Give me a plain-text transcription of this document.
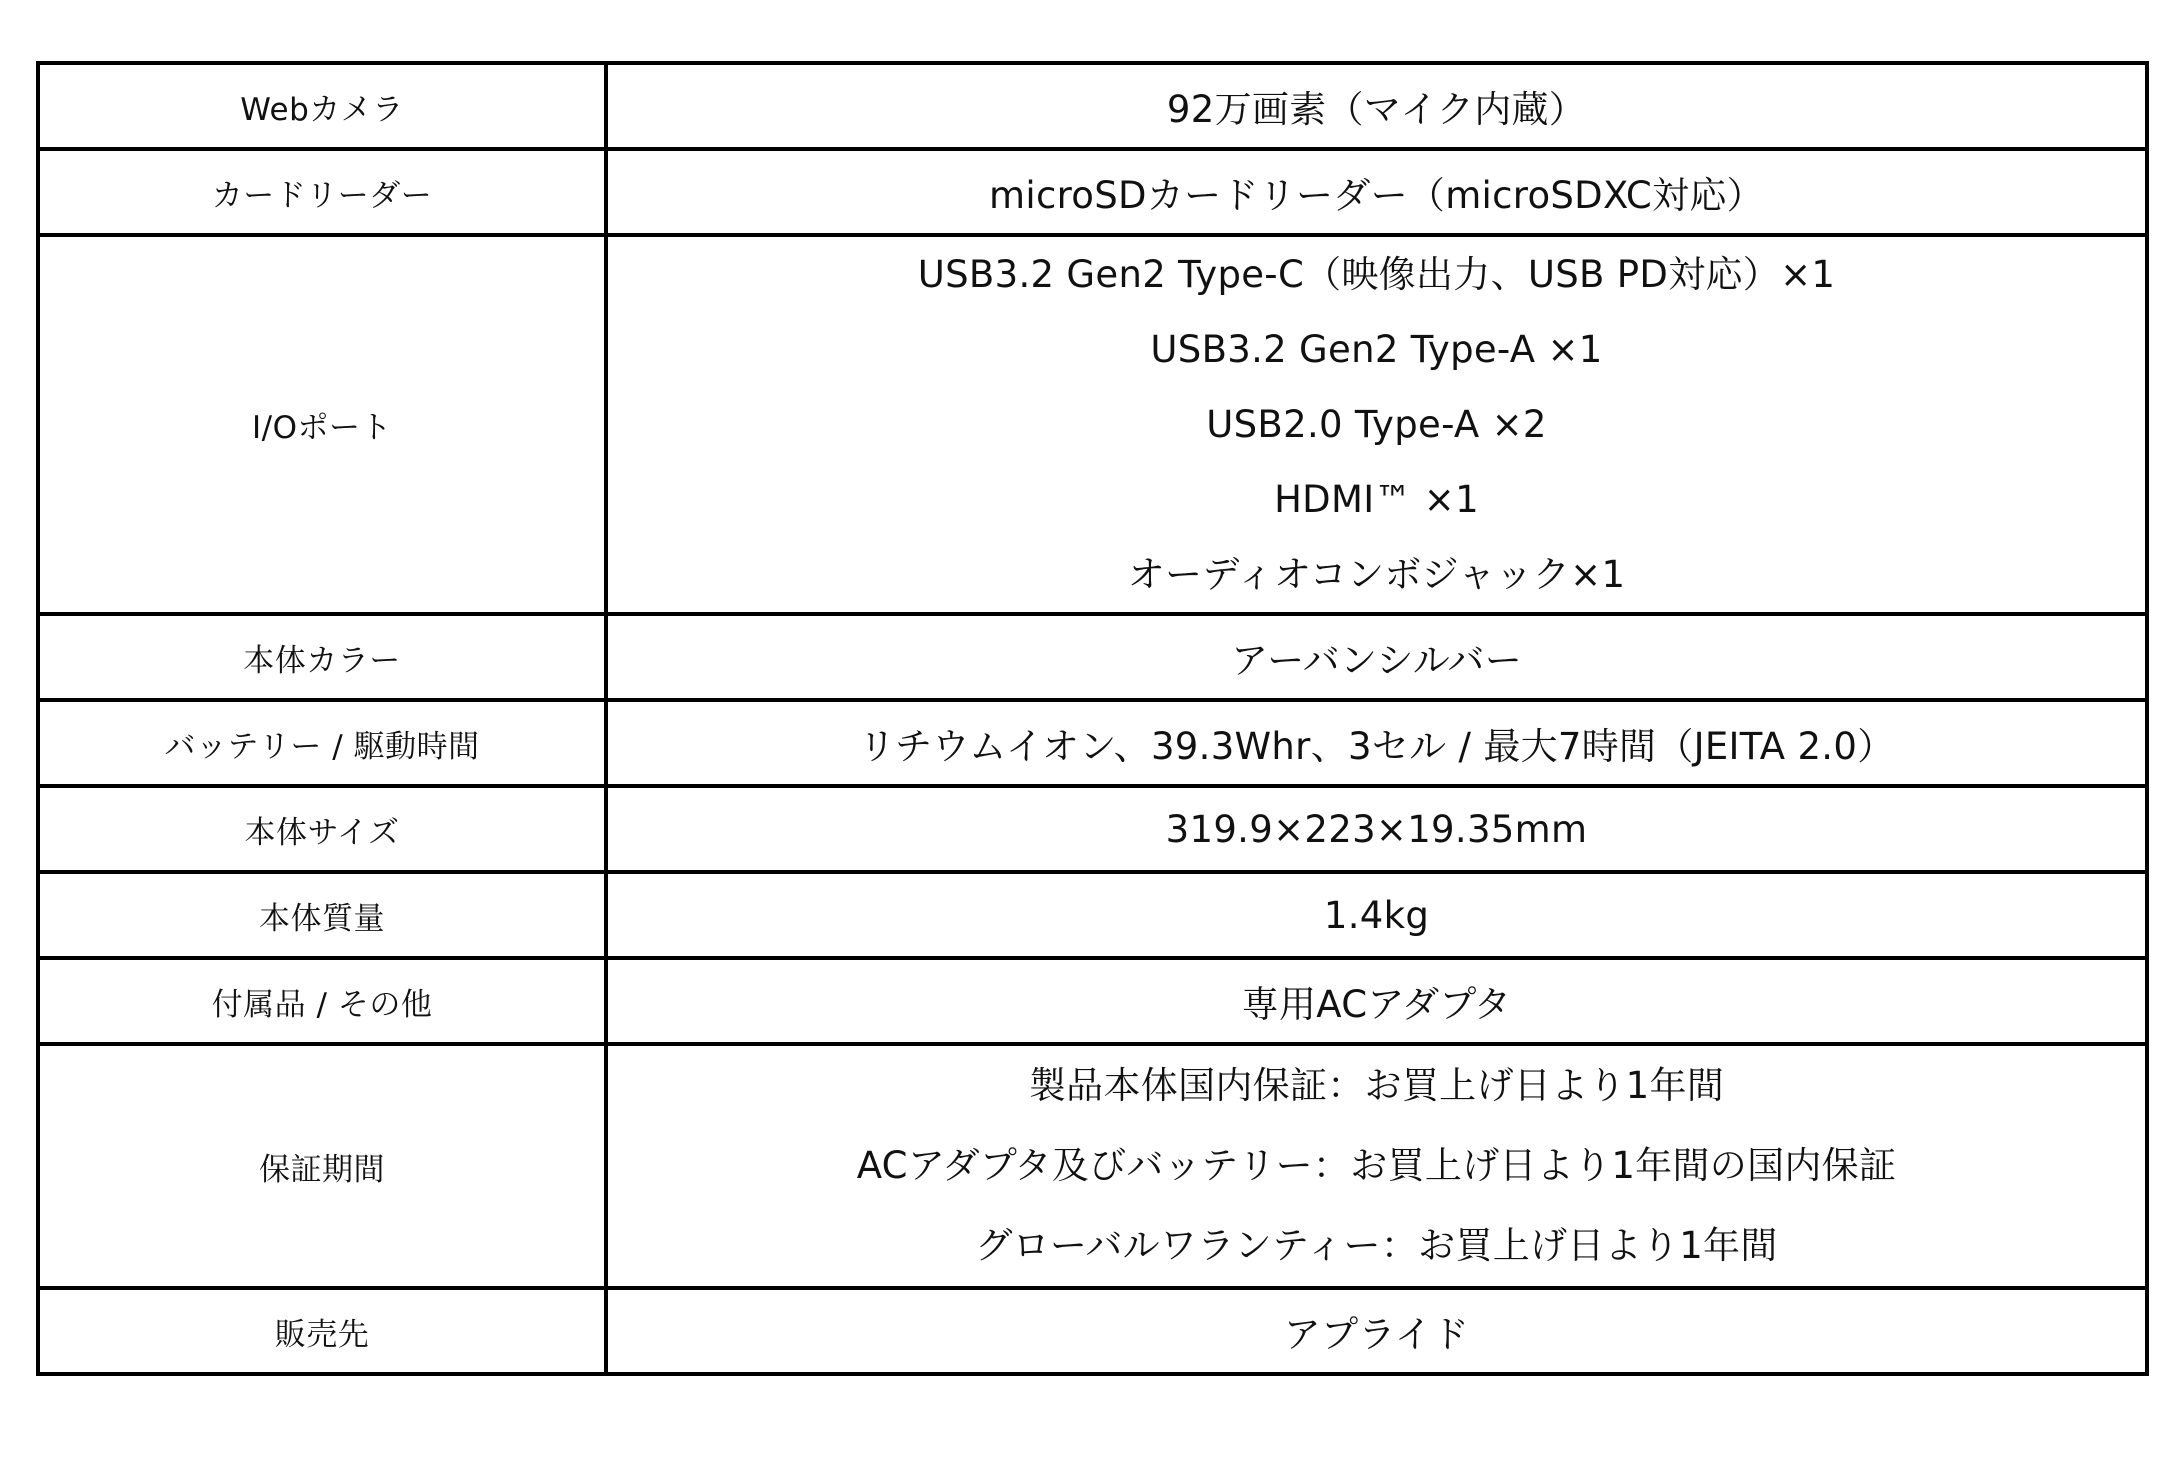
Webカメラ	92万画素（マイク内蔵）
カードリーダー	microSDカードリーダー（microSDXC対応）
I/Oポート	USB3.2 Gen2 Type-C（映像出力、USB PD対応）×1
USB3.2 Gen2 Type-A ×1
USB2.0 Type-A ×2
HDMI™ ×1
オーディオコンボジャック×1

本体カラー	アーバンシルバー
バッテリー / 駆動時間	リチウムイオン、39.3Whr、3セル / 最大7時間（JEITA 2.0）
本体サイズ	319.9×223×19.35mm
本体質量	1.4kg
付属品 / その他	専用ACアダプタ
保証期間	製品本体国内保証：お買上げ日より1年間
ACアダプタ及びバッテリー：お買上げ日より1年間の国内保証
グローバルワランティー：お買上げ日より1年間

販売先	アプライド
